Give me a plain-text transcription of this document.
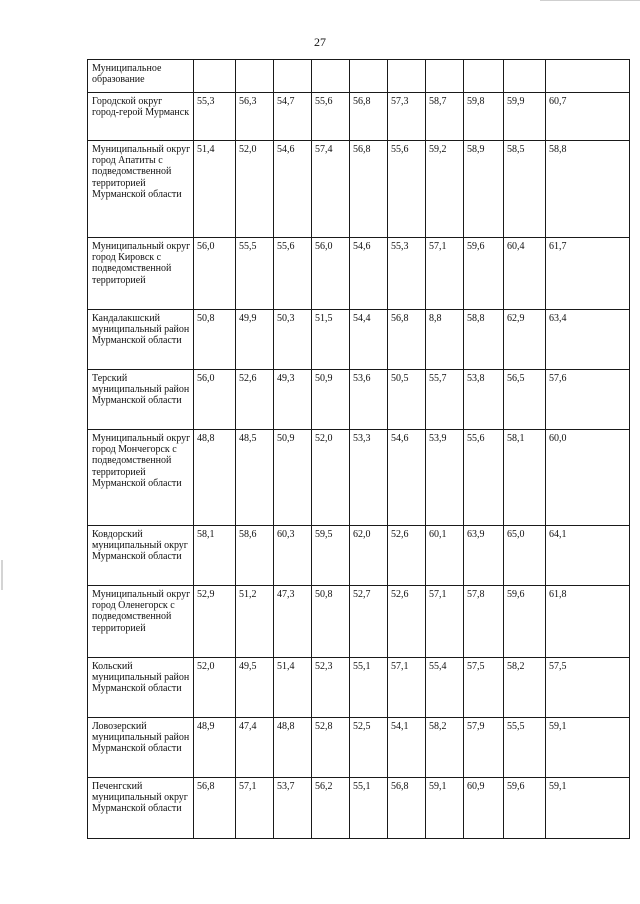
27
Муниципальное образование										
Городской округ город-герой Мурманск	55,3	56,3	54,7	55,6	56,8	57,3	58,7	59,8	59,9	60,7
Муниципальный округ город Апатиты с подведомственной территорией Мурманской области	51,4	52,0	54,6	57,4	56,8	55,6	59,2	58,9	58,5	58,8
Муниципальный округ город Кировск с подведомственной территорией	56,0	55,5	55,6	56,0	54,6	55,3	57,1	59,6	60,4	61,7
Кандалакшский муниципальный район Мурманской области	50,8	49,9	50,3	51,5	54,4	56,8	8,8	58,8	62,9	63,4
Терский муниципальный район Мурманской области	56,0	52,6	49,3	50,9	53,6	50,5	55,7	53,8	56,5	57,6
Муниципальный округ город Мончегорск с подведомственной территорией Мурманской области	48,8	48,5	50,9	52,0	53,3	54,6	53,9	55,6	58,1	60,0
Ковдорский муниципальный округ Мурманской области	58,1	58,6	60,3	59,5	62,0	52,6	60,1	63,9	65,0	64,1
Муниципальный округ город Оленегорск с подведомственной территорией	52,9	51,2	47,3	50,8	52,7	52,6	57,1	57,8	59,6	61,8
Кольский муниципальный район Мурманской области	52,0	49,5	51,4	52,3	55,1	57,1	55,4	57,5	58,2	57,5
Ловозерский муниципальный район Мурманской области	48,9	47,4	48,8	52,8	52,5	54,1	58,2	57,9	55,5	59,1
Печенгский муниципальный округ Мурманской области	56,8	57,1	53,7	56,2	55,1	56,8	59,1	60,9	59,6	59,1
